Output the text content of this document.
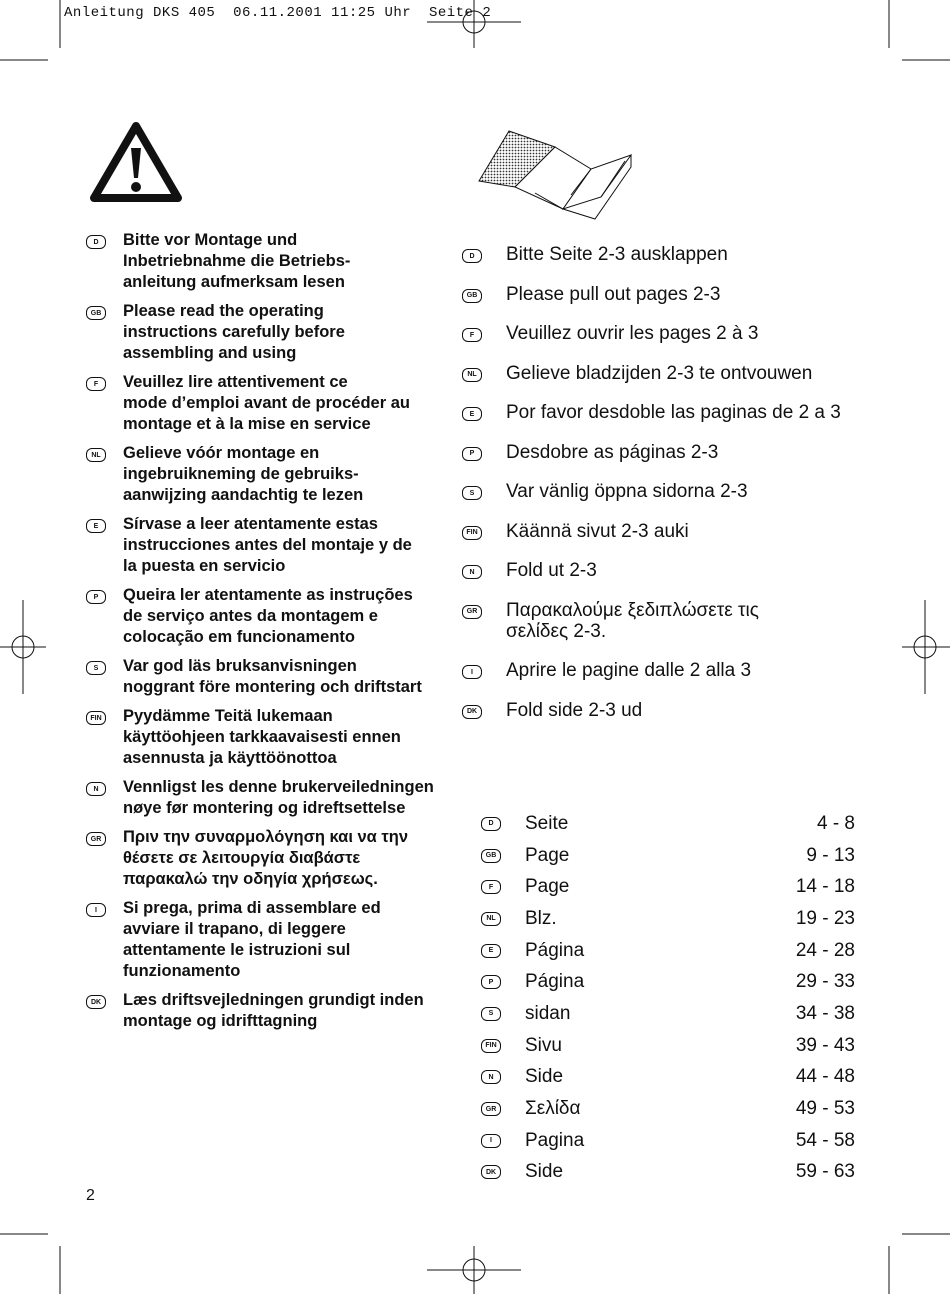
Anleitung DKS 405  06.11.2001 11:25 Uhr  Seite 2
D	Bitte vor Montage und
Inbetriebnahme die Betriebs-
anleitung aufmerksam lesen
GB Please read the operating
instructions carefully before
assembling and using
F	Veuillez lire attentivement ce
mode d’emploi avant de procéder au
montage et à la mise en service
NL	Gelieve vóór montage en
ingebruikneming de gebruiks-
aanwijzing aandachtig te lezen
E	Sírvase a leer atentamente estas
instrucciones antes del montaje y de
la puesta en servicio
P	Queira ler atentamente as instruções
de serviço antes da montagem e
colocação em funcionamento
S	Var god läs bruksanvisningen
noggrant före montering och driftstart
FIN Pyydämme Teitä lukemaan
käyttöohjeen tarkkaavaisesti ennen
asennusta ja käyttöönottoa
N	Vennligst les denne brukerveiledningen
nøye før montering og idreftsettelse
GR Πριν την συναρμολόγηση και να την
θέσετε σε λειτουργία διαβάστε
παρακαλώ την οδηγία χρήσεως.
I	Si prega, prima di assemblare ed
avviare il trapano, di leggere
attentamente le istruzioni sul
funzionamento
DK Læs driftsvejledningen grundigt inden
montage og idrifttagning
D	Bitte Seite 2-3 ausklappen
GB Please pull out pages 2-3
F	Veuillez ouvrir les pages 2 à 3
NL Gelieve bladzijden 2-3 te ontvouwen
E	Por favor desdoble las paginas de 2 a 3
P	Desdobre as páginas 2-3
S	Var vänlig öppna sidorna 2-3
FIN Käännä sivut 2-3 auki
N	Fold ut 2-3
GR Παρακαλούμε ξεδιπλώσετε τις
σελίδες 2-3.
I	Aprire le pagine dalle 2 alla 3
DK Fold side 2-3 ud
D	Seite	4 - 8
GB Page	9 - 13
F	Page	14 - 18
NL Blz.	19 - 23
E	Página	24 - 28
P	Página	29 - 33
S	sidan	34 - 38
FIN Sivu	39 - 43
N	Side	44 - 48
GR Σελίδα	49 - 53
I	Pagina	54 - 58
DK Side	59 - 63
2
